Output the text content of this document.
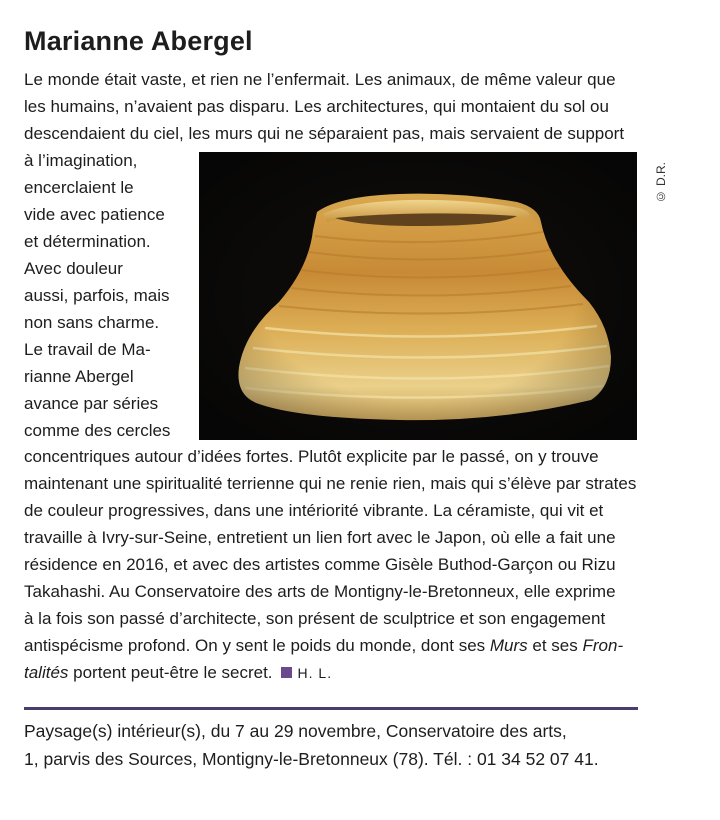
Marianne Abergel
Le monde était vaste, et rien ne l’enfermait. Les animaux, de même valeur que
les humains, n’avaient pas disparu. Les architectures, qui montaient du sol ou
descendaient du ciel, les murs qui ne séparaient pas, mais servaient de support
à l’imagination,
encerclaient le
vide avec patience
et détermination.
Avec douleur
aussi, parfois, mais
non sans charme.
Le travail de Ma-
rianne Abergel
avance par séries
comme des cercles
© D.R.
concentriques autour d’idées fortes. Plutôt explicite par le passé, on y trouve
maintenant une spiritualité terrienne qui ne renie rien, mais qui s’élève par strates
de couleur progressives, dans une intériorité vibrante. La céramiste, qui vit et
travaille à Ivry-sur-Seine, entretient un lien fort avec le Japon, où elle a fait une
résidence en 2016, et avec des artistes comme Gisèle Buthod-Garçon ou Rizu
Takahashi. Au Conservatoire des arts de Montigny-le-Bretonneux, elle exprime
à la fois son passé d’architecte, son présent de sculptrice et son engagement
antispécisme profond. On y sent le poids du monde, dont ses Murs et ses Fron-
talités portent peut-être le secret. H. L.
Paysage(s) intérieur(s), du 7 au 29 novembre, Conservatoire des arts,
1, parvis des Sources, Montigny-le-Bretonneux (78). Tél. : 01 34 52 07 41.
